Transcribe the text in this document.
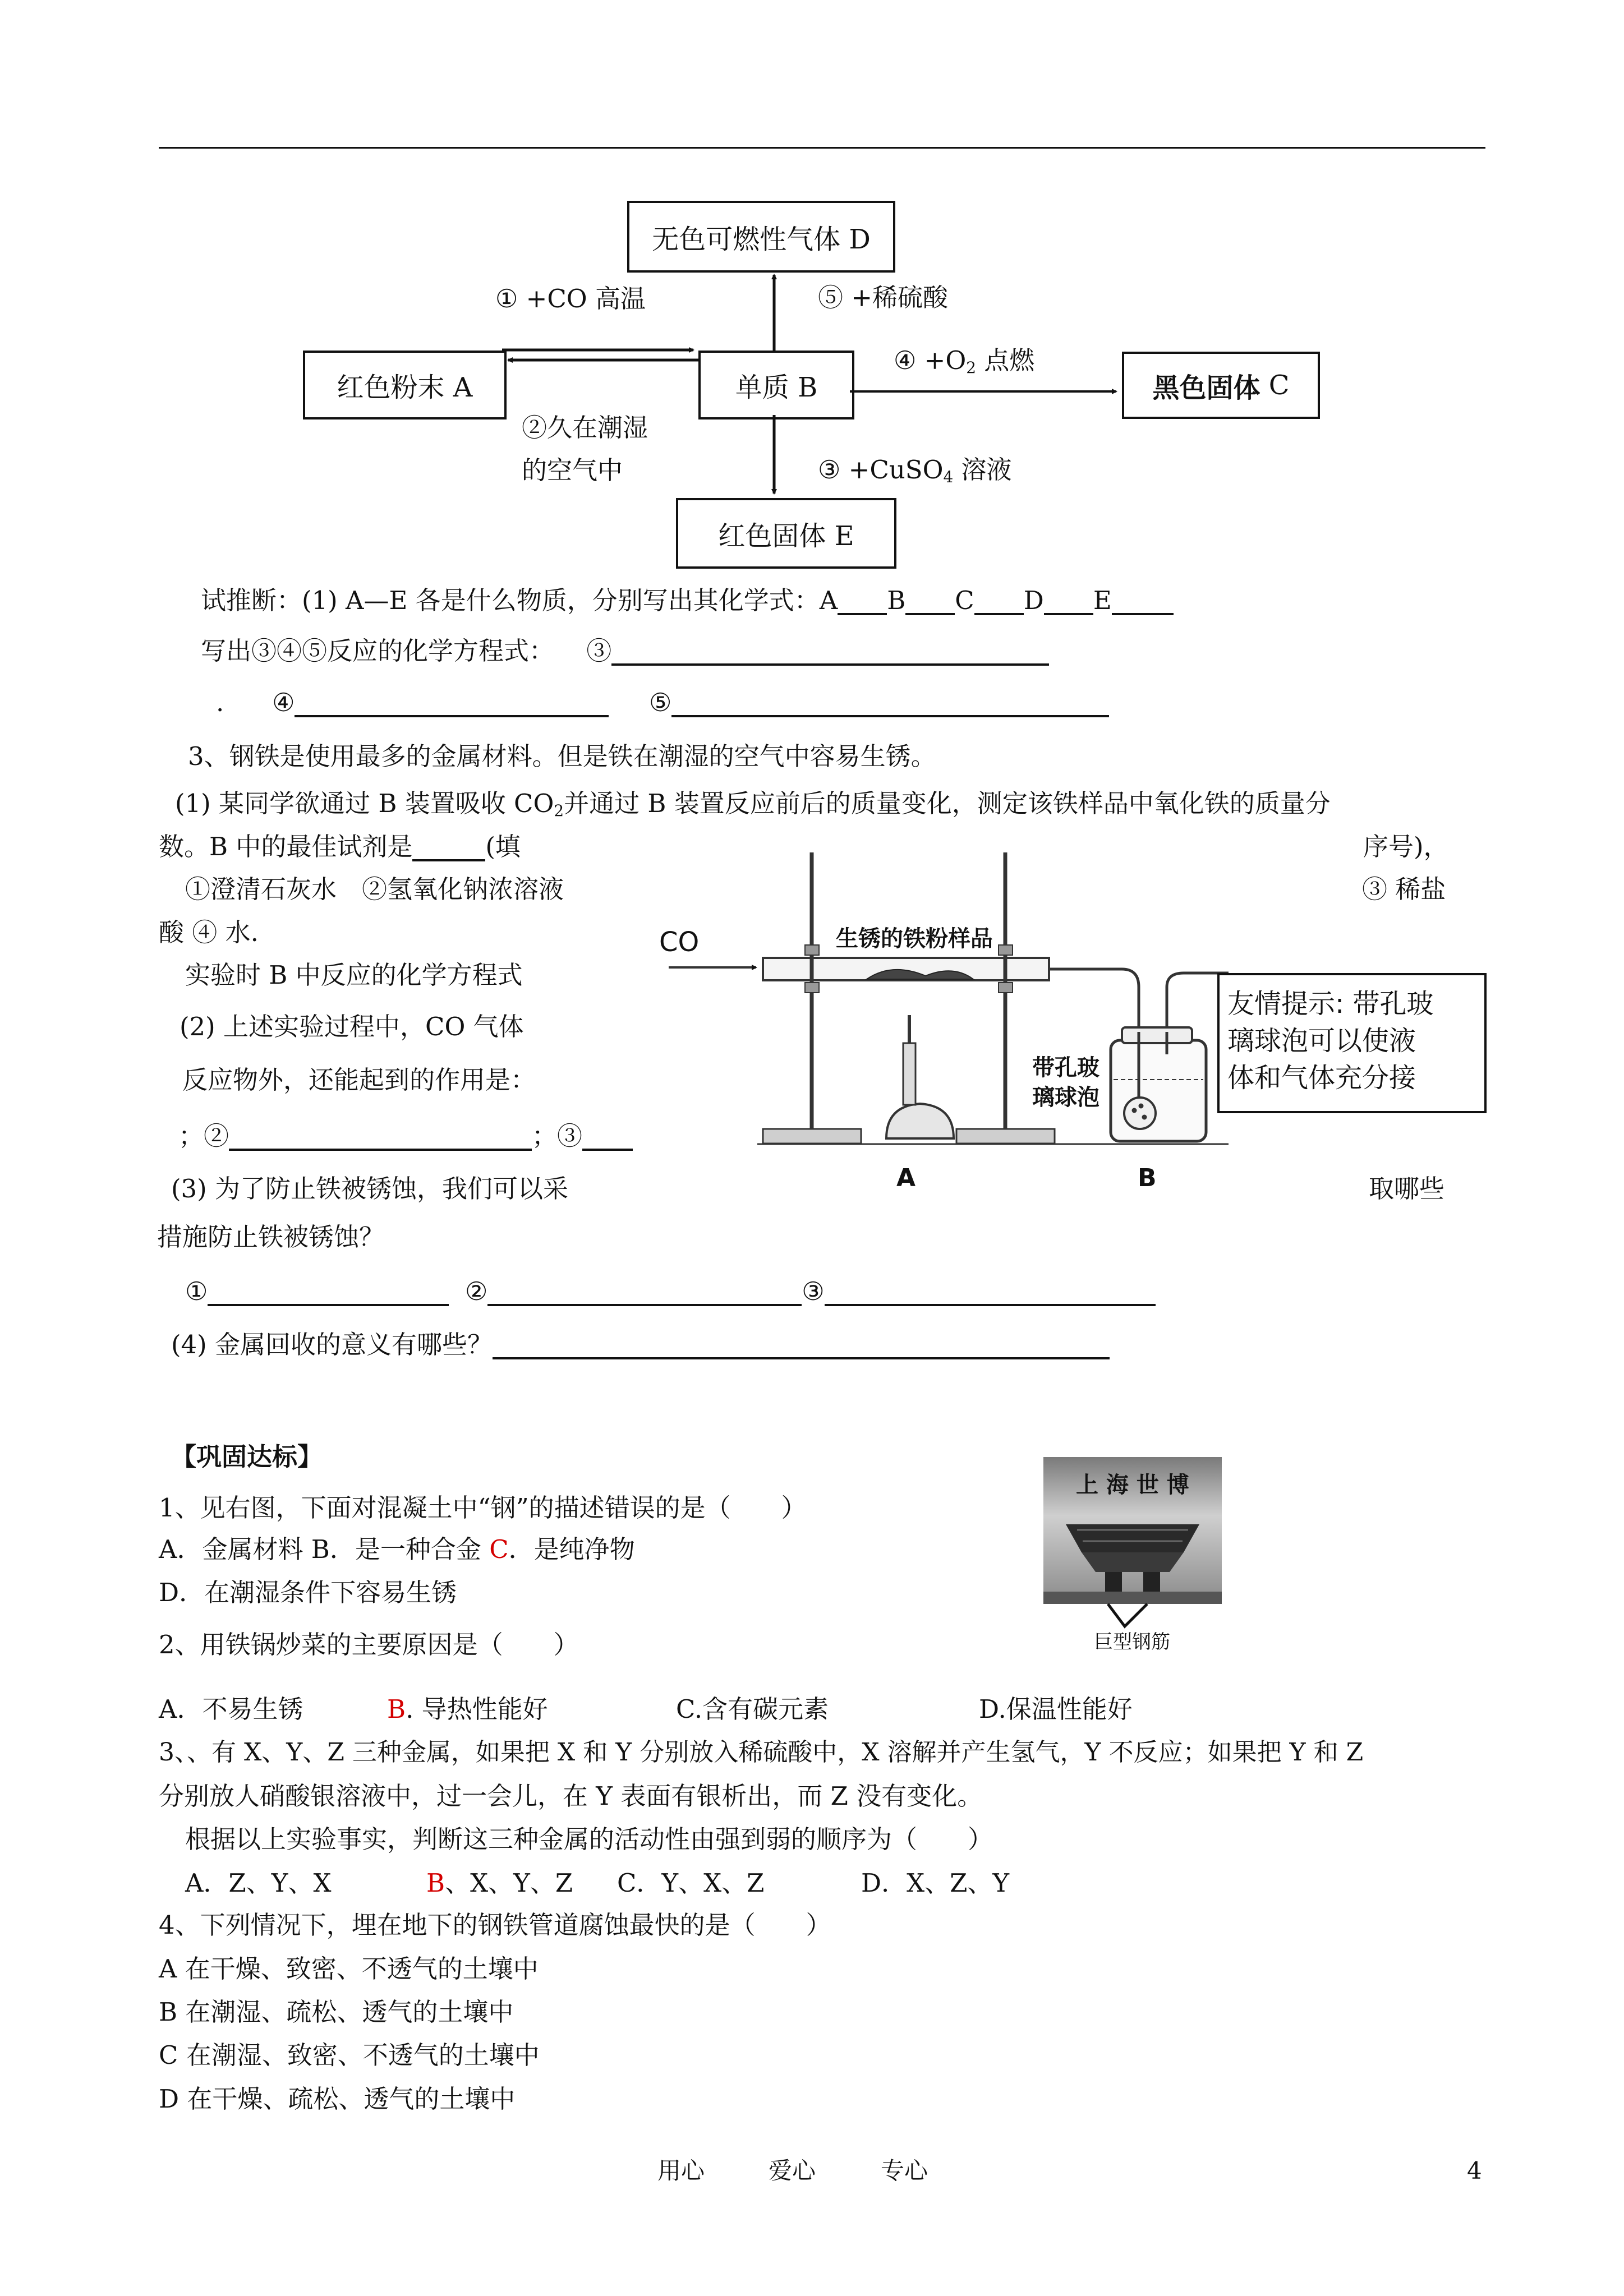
无色可燃性气体 D
红色粉末 A	单质 B	黑色固体
C
红色固体 E
① +CO 高温	⑤ +稀硫酸
④ $+O_2$ 点燃
②久在潮湿
的空气中	③ +CuSO$_4$ 溶液
试推断：(1) A—E 各是什么物质，分别写出其化学式：A B C D E
写出③④⑤反应的化学方程式： ③
. ④	⑤
3、钢铁是使用最多的金属材料。但是铁在潮湿的空气中容易生锈。
(1) 某同学欲通过 B 装置吸收 $CO_2$并通过 B 装置反应前后的质量变化，测定该铁样品中氧化铁的质量分
数。B 中的最佳试剂是	(填	序号)，
①澄清石灰水　②氢氧化钠浓溶液	③ 稀盐
酸 ④ 水.
实验时 B 中反应的化学方程式
(2) 上述实验过程中，CO 气体
反应物外，还能起到的作用是：
；②	；③
(3) 为了防止铁被锈蚀，我们可以采	取哪些
措施防止铁被锈蚀？
①	②	③
(4) 金属回收的意义有哪些？
CO	生锈的铁粉样品
带孔玻
璃球泡
A	B
友情提示: 带孔玻
璃球泡可以使液
体和气体充分接
【巩固达标】
1、见右图，下面对混凝土中“钢”的描述错误的是（　　）
A．金属材料 B．是一种合金 C．是纯净物
D．在潮湿条件下容易生锈
上 海 世 博
巨型钢筋
2、用铁锅炒菜的主要原因是（　　）
A．不易生锈	B. 导热性能好	C.含有碳元素	D.保温性能好
3、、有 X、Y、Z 三种金属，如果把 X 和 Y 分别放入稀硫酸中，X 溶解并产生氢气，Y 不反应；如果把 Y 和 Z
分别放人硝酸银溶液中，过一会儿，在 Y 表面有银析出，而 Z 没有变化。
根据以上实验事实，判断这三种金属的活动性由强到弱的顺序为（　　）
A．Z、Y、X	B、X、Y、Z C．Y、X、Z	D．X、Z、Y
4、下列情况下，埋在地下的钢铁管道腐蚀最快的是（　　）
A 在干燥、致密、不透气的土壤中
B 在潮湿、疏松、透气的土壤中
C 在潮湿、致密、不透气的土壤中
D 在干燥、疏松、透气的土壤中
用心	爱心	专心	4
